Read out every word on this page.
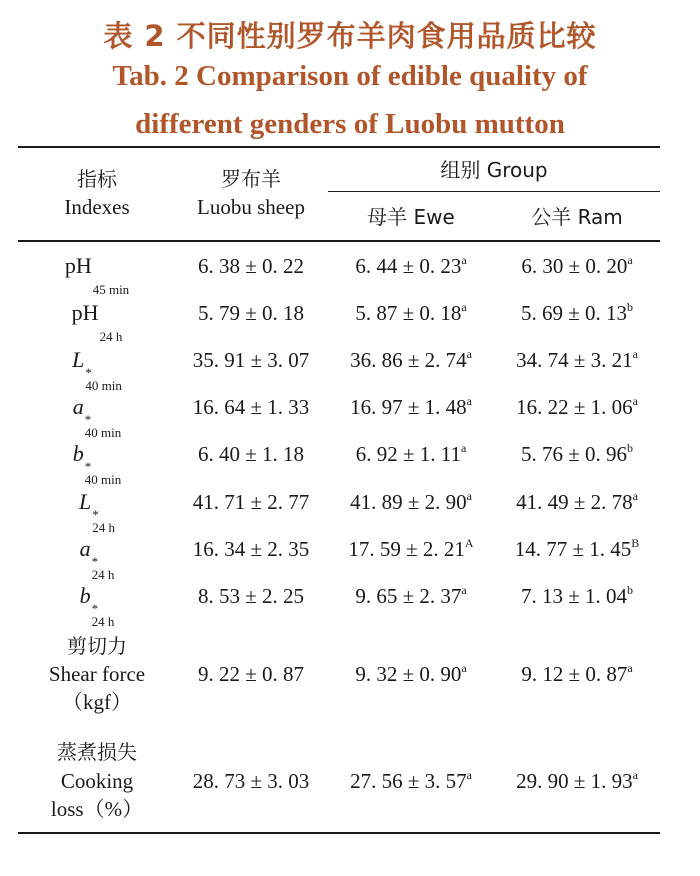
表 2 不同性别罗布羊肉食用品质比较
Tab. 2 Comparison of edible quality of
different genders of Luobu mutton
指标
Indexes
罗布羊
Luobu sheep
组别 Group
母羊 Ewe	公羊 Ram
pH
45 min
6. 38 ± 0. 22	6. 44 ± 0. 23$^a$	6. 30 ± 0. 20$^a$
pH
24 h
5. 79 ± 0. 18	5. 87 ± 0. 18$^a$	5. 69 ± 0. 13$^b$
L
*
40 min
35. 91 ± 3. 07	36. 86 ± 2. 74$^a$	34. 74 ± 3. 21$^a$
a
*
40 min
16. 64 ± 1. 33	16. 97 ± 1. 48$^a$	16. 22 ± 1. 06$^a$
b
*
40 min
6. 40 ± 1. 18	6. 92 ± 1. 11$^a$	5. 76 ± 0. 96$^b$
L
*
24 h
41. 71 ± 2. 77	41. 89 ± 2. 90$^a$	41. 49 ± 2. 78$^a$
a
*
24 h
16. 34 ± 2. 35	17. 59 ± 2. $21^A$	14. 77 ± 1. $45^B$
b
*
24 h
8. 53 ± 2. 25	9. 65 ± 2. 37$^a$	7. 13 ± 1. 04$^b$
剪切力
Shear force
（kgf）
9. 22 ± 0. 87	9. 32 ± 0. 90$^a$	9. 12 ± 0. 87$^a$
蒸煮损失
Cooking
loss（%）
28. 73 ± 3. 03	27. 56 ± 3. 57$^a$	29. 90 ± 1. 93$^a$
